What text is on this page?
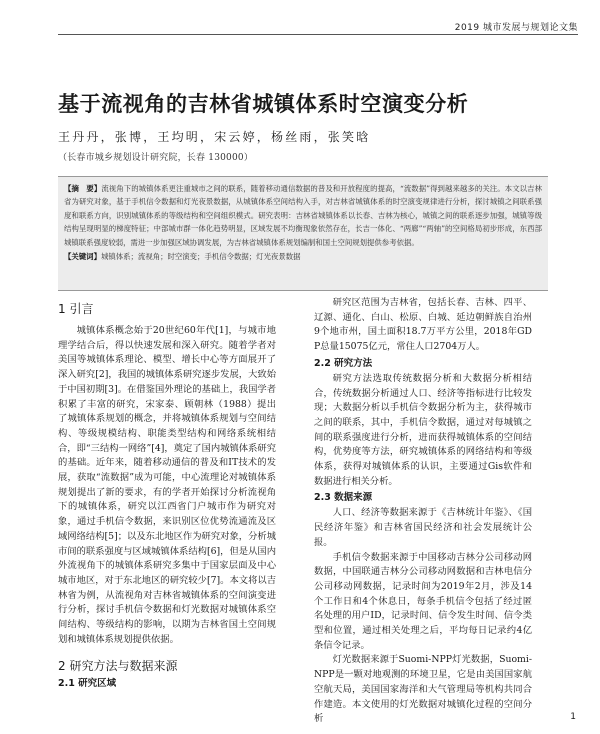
2019 城市发展与规划论文集
基于流视角的吉林省城镇体系时空演变分析
王丹丹，张博，王均明，宋云婷，杨丝雨，张笑晗
（长春市城乡规划设计研究院，长春 130000）

【摘　要】流视角下的城镇体系更注重城市之间的联系，随着移动通信数据的普及和开放程度的提高，“流数据”得到越来越多的关注。本文以吉林省为研究对象，基于手机信令数据和灯光夜景数据，从城镇体系空间结构入手，对吉林省城镇体系的时空演变规律进行分析，探讨城镇之间联系强度和联系方向，识别城镇体系的等级结构和空间组织模式。研究表明：吉林省城镇体系以长春、吉林为核心，城镇之间的联系逐步加强，城镇等级结构呈现明显的梯度特征；中部城市群一体化趋势明显，区域发展不均衡现象依然存在，长吉一体化、“两廊”“两轴”的空间格局初步形成，东西部城镇联系强度较弱，需进一步加强区域协调发展，为吉林省城镇体系规划编制和国土空间规划提供参考依据。

【关键词】城镇体系；流视角；时空演变；手机信令数据；灯光夜景数据

1 引言

城镇体系概念始于20世纪60年代[1]，与城市地理学结合后，得以快速发展和深入研究。随着学者对美国等城镇体系理论、模型、增长中心等方面展开了深入研究[2]，我国的城镇体系研究逐步发展，大致始于中国初期[3]。在借鉴国外理论的基础上，我国学者积累了丰富的研究，宋家泰、顾朝林（1988）提出了城镇体系规划的概念，并将城镇体系规划与空间结构、等级规模结构、职能类型结构和网络系统相结合，即“三结构一网络”[4]，奠定了国内城镇体系研究的基础。近年来，随着移动通信的普及和IT技术的发展，获取“流数据”成为可能，中心流理论对城镇体系规划提出了新的要求，有的学者开始探讨分析流视角下的城镇体系，研究以江西省门户城市作为研究对象，通过手机信令数据，来识别区位优势流通流及区域网络结构[5]；以及东北地区作为研究对象，分析城市间的联系强度与区域城镇体系结构[6]，但是从国内外流视角下的城镇体系研究多集中于国家层面及中心城市地区，对于东北地区的研究较少[7]。本文将以吉林省为例，从流视角对吉林省城镇体系的空间演变进行分析，探讨手机信令数据和灯光数据对城镇体系空间结构、等级结构的影响，以期为吉林省国土空间规划和城镇体系规划提供依据。

2 研究方法与数据来源
2.1 研究区域

研究区范围为吉林省，包括长春、吉林、四平、辽源、通化、白山、松原、白城、延边朝鲜族自治州9个地市州，国土面积18.7万平方公里，2018年GDP总量15075亿元，常住人口2704万人。

2.2 研究方法

研究方法选取传统数据分析和大数据分析相结合，传统数据分析通过人口、经济等指标进行比较发现；大数据分析以手机信令数据分析为主，获得城市之间的联系，其中，手机信令数据，通过对每城镇之间的联系强度进行分析，进而获得城镇体系的空间结构，优势度等方法，研究城镇体系的网络结构和等级体系，获得对城镇体系的认识，主要通过Gis软件和数据进行相关分析。

2.3 数据来源

人口、经济等数据来源于《吉林统计年鉴》、《国民经济年鉴》和吉林省国民经济和社会发展统计公报。

手机信令数据来源于中国移动吉林分公司移动网数据，中国联通吉林分公司移动网数据和吉林电信分公司移动网数据，记录时间为2019年2月，涉及14个工作日和4个休息日，每条手机信令包括了经过匿名处理的用户ID，记录时间、信令发生时间、信令类型和位置，通过相关处理之后，平均每日记录约4亿条信令记录。

灯光数据来源于Suomi-NPP灯光数据，Suomi-NPP是一颗对地观测的环境卫星，它是由美国国家航空航天局，美国国家海洋和大气管理局等机构共同合作建造。本文使用的灯光数据对城镇化过程的空间分析	1
